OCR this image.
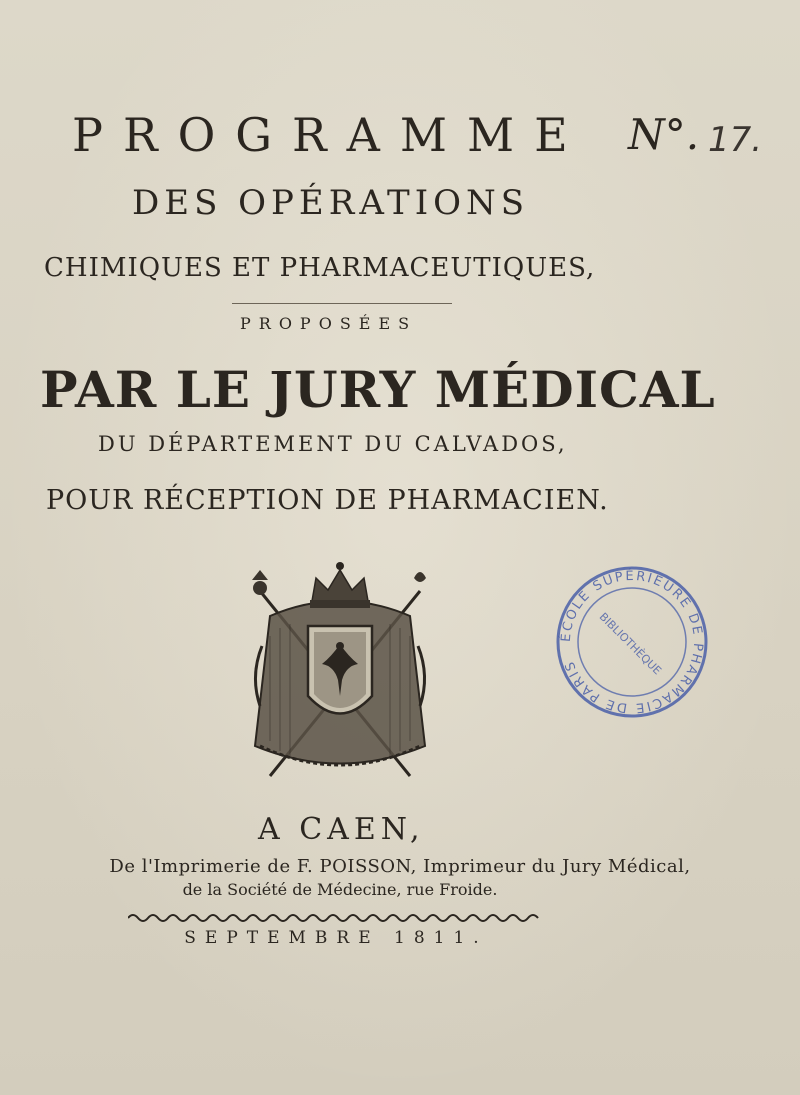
PROGRAMME N°. 17.
DES OPÉRATIONS
CHIMIQUES ET PHARMACEUTIQUES,
PROPOSÉES
PAR LE JURY MÉDICAL
DU DÉPARTEMENT DU CALVADOS,
POUR RÉCEPTION DE PHARMACIEN.
ÉCOLE SUPÉRIEURE DE PHARMACIE DE PARIS	BIBLIOTHÈQUE
A CAEN,
De l'Imprimerie de F. POISSON, Imprimeur du Jury Médical,
de la Société de Médecine, rue Froide.
SEPTEMBRE 1811.
